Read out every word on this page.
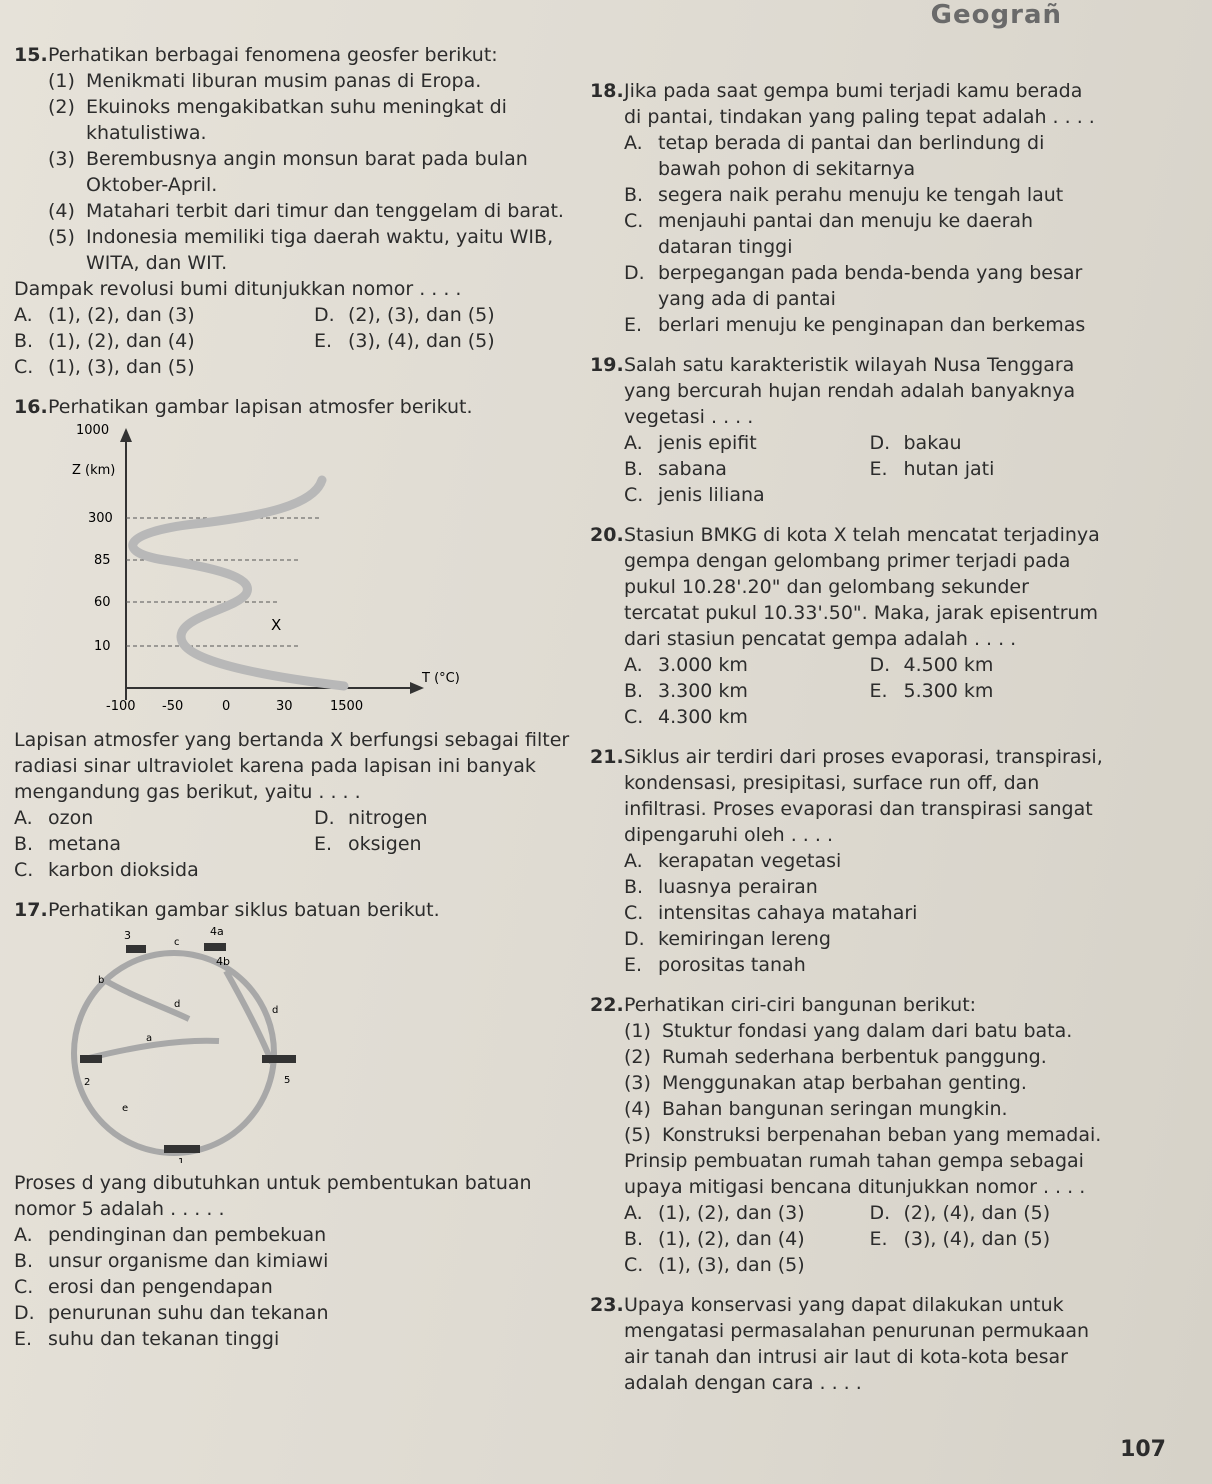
Geograñ
15. Perhatikan berbagai fenomena geosfer berikut:
(1) Menikmati liburan musim panas di Eropa.
(2) Ekuinoks mengakibatkan suhu meningkat di khatulistiwa.
(3) Berembusnya angin monsun barat pada bulan Oktober-April.
(4) Matahari terbit dari timur dan tenggelam di barat.
(5) Indonesia memiliki tiga daerah waktu, yaitu WIB, WITA, dan WIT.
Dampak revolusi bumi ditunjukkan nomor . . . .
A. (1), (2), dan (3)	D. (2), (3), dan (5)
B. (1), (2), dan (4)	E. (3), (4), dan (5)
C. (1), (3), dan (5)
16. Perhatikan gambar lapisan atmosfer berikut.
1000
Z (km)
300
85
60
10
X
T (°C)
-100 -50	0	30	1500
Lapisan atmosfer yang bertanda X berfungsi sebagai filter radiasi sinar ultraviolet karena pada lapisan ini banyak mengandung gas berikut, yaitu . . . .
A. ozon	D. nitrogen
B. metana	E. oksigen
C. karbon dioksida
17. Perhatikan gambar siklus batuan berikut.
4a
3
c
4b
b
d
d
a
2	5
e
1
Proses d yang dibutuhkan untuk pembentukan batuan nomor 5 adalah . . . . .
A. pendinginan dan pembekuan
B. unsur organisme dan kimiawi
C. erosi dan pengendapan
D. penurunan suhu dan tekanan
E. suhu dan tekanan tinggi
18. Jika pada saat gempa bumi terjadi kamu berada di pantai, tindakan yang paling tepat adalah . . . .
A. tetap berada di pantai dan berlindung di bawah pohon di sekitarnya
B. segera naik perahu menuju ke tengah laut
C. menjauhi pantai dan menuju ke daerah dataran tinggi
D. berpegangan pada benda-benda yang besar yang ada di pantai
E. berlari menuju ke penginapan dan berkemas
19. Salah satu karakteristik wilayah Nusa Tenggara yang bercurah hujan rendah adalah banyaknya vegetasi . . . .
A. jenis epifit	D. bakau
B. sabana	E. hutan jati
C. jenis liliana
20. Stasiun BMKG di kota X telah mencatat terjadinya gempa dengan gelombang primer terjadi pada pukul 10.28'.20" dan gelombang sekunder tercatat pukul 10.33'.50". Maka, jarak episentrum dari stasiun pencatat gempa adalah . . . .
A. 3.000 km	D. 4.500 km
B. 3.300 km	E. 5.300 km
C. 4.300 km
21. Siklus air terdiri dari proses evaporasi, transpirasi, kondensasi, presipitasi, surface run off, dan infiltrasi. Proses evaporasi dan transpirasi sangat dipengaruhi oleh . . . .
A. kerapatan vegetasi
B. luasnya perairan
C. intensitas cahaya matahari
D. kemiringan lereng
E. porositas tanah
22. Perhatikan ciri-ciri bangunan berikut:
(1) Stuktur fondasi yang dalam dari batu bata.
(2) Rumah sederhana berbentuk panggung.
(3) Menggunakan atap berbahan genting.
(4) Bahan bangunan seringan mungkin.
(5) Konstruksi berpenahan beban yang memadai.
Prinsip pembuatan rumah tahan gempa sebagai upaya mitigasi bencana ditunjukkan nomor . . . .
A. (1), (2), dan (3)	D. (2), (4), dan (5)
B. (1), (2), dan (4)	E. (3), (4), dan (5)
C. (1), (3), dan (5)
23. Upaya konservasi yang dapat dilakukan untuk mengatasi permasalahan penurunan permukaan air tanah dan intrusi air laut di kota-kota besar adalah dengan cara . . . .
107
